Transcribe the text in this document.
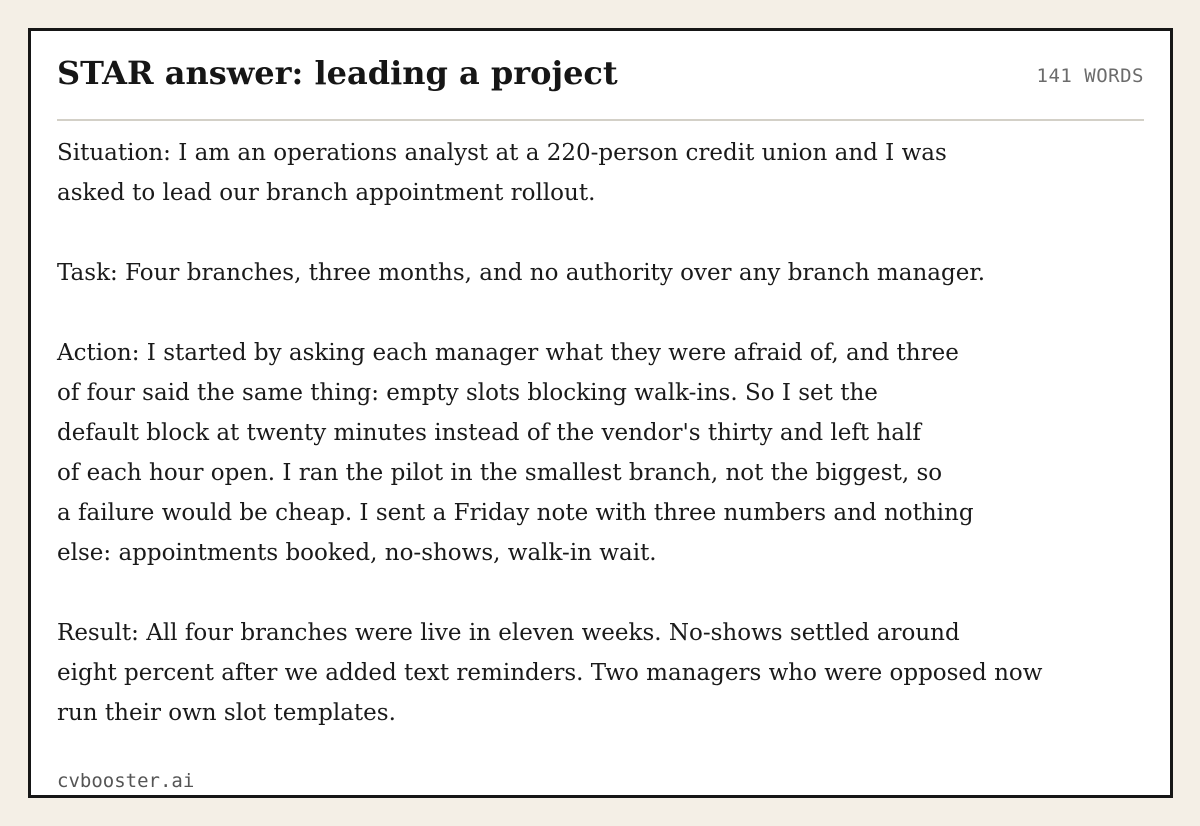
STAR answer: leading a project	141 WORDS

Situation: I am an operations analyst at a 220-person credit union and I was
asked to lead our branch appointment rollout.

Task: Four branches, three months, and no authority over any branch manager.

Action: I started by asking each manager what they were afraid of, and three
of four said the same thing: empty slots blocking walk-ins. So I set the
default block at twenty minutes instead of the vendor's thirty and left half
of each hour open. I ran the pilot in the smallest branch, not the biggest, so
a failure would be cheap. I sent a Friday note with three numbers and nothing
else: appointments booked, no-shows, walk-in wait.

Result: All four branches were live in eleven weeks. No-shows settled around
eight percent after we added text reminders. Two managers who were opposed now
run their own slot templates.

cvbooster.ai
